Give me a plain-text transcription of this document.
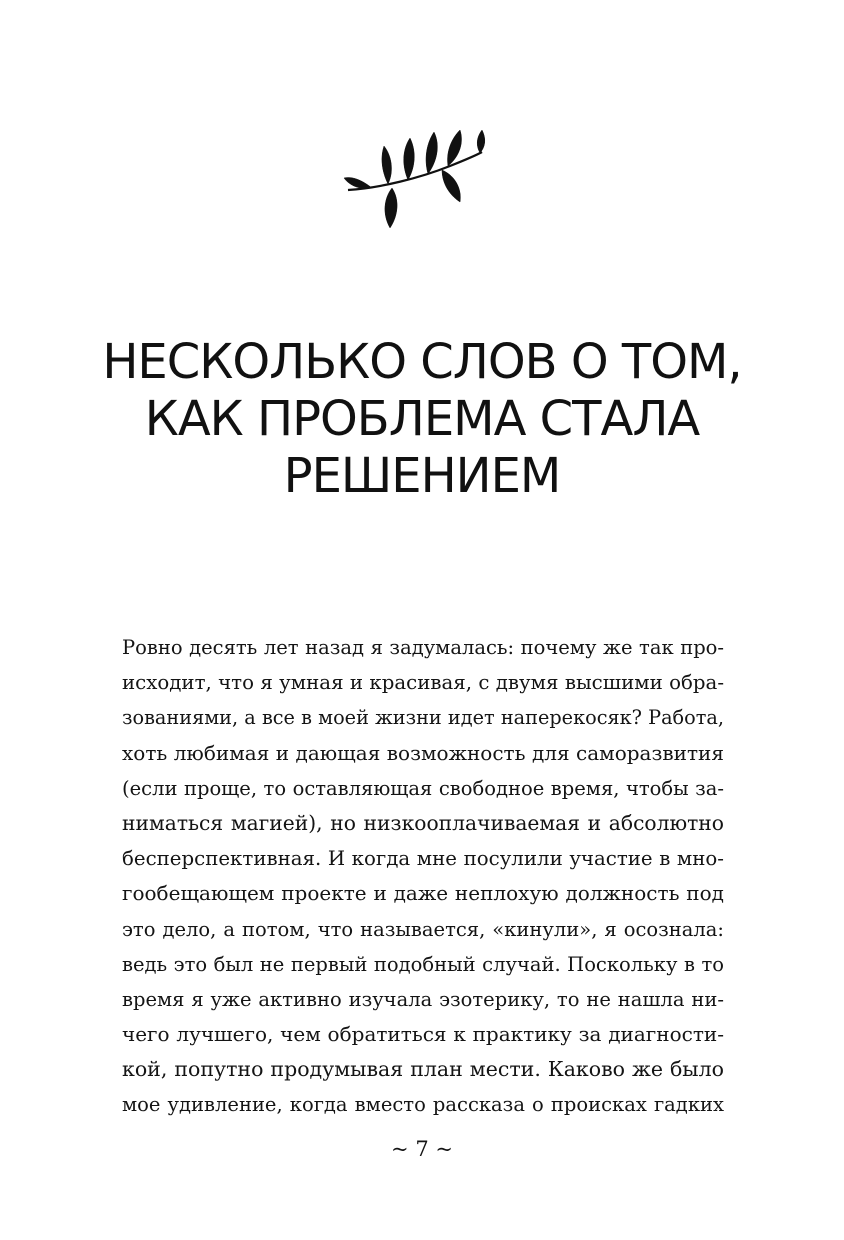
НЕСКОЛЬКО СЛОВ О ТОМ,
КАК ПРОБЛЕМА СТАЛА
РЕШЕНИЕМ
Ровно десять лет назад я задумалась: почему же так про-
исходит, что я умная и красивая, с двумя высшими обра-
зованиями, а все в моей жизни идет наперекосяк? Работа,
хоть любимая и дающая возможность для саморазвития
(если проще, то оставляющая свободное время, чтобы за-
ниматься магией), но низкооплачиваемая и абсолютно
бесперспективная. И когда мне посулили участие в мно-
гообещающем проекте и даже неплохую должность под
это дело, а потом, что называется, «кинули», я осознала:
ведь это был не первый подобный случай. Поскольку в то
время я уже активно изучала эзотерику, то не нашла ни-
чего лучшего, чем обратиться к практику за диагности-
кой, попутно продумывая план мести. Каково же было
мое удивление, когда вместо рассказа о происках гадких
~ 7 ~
